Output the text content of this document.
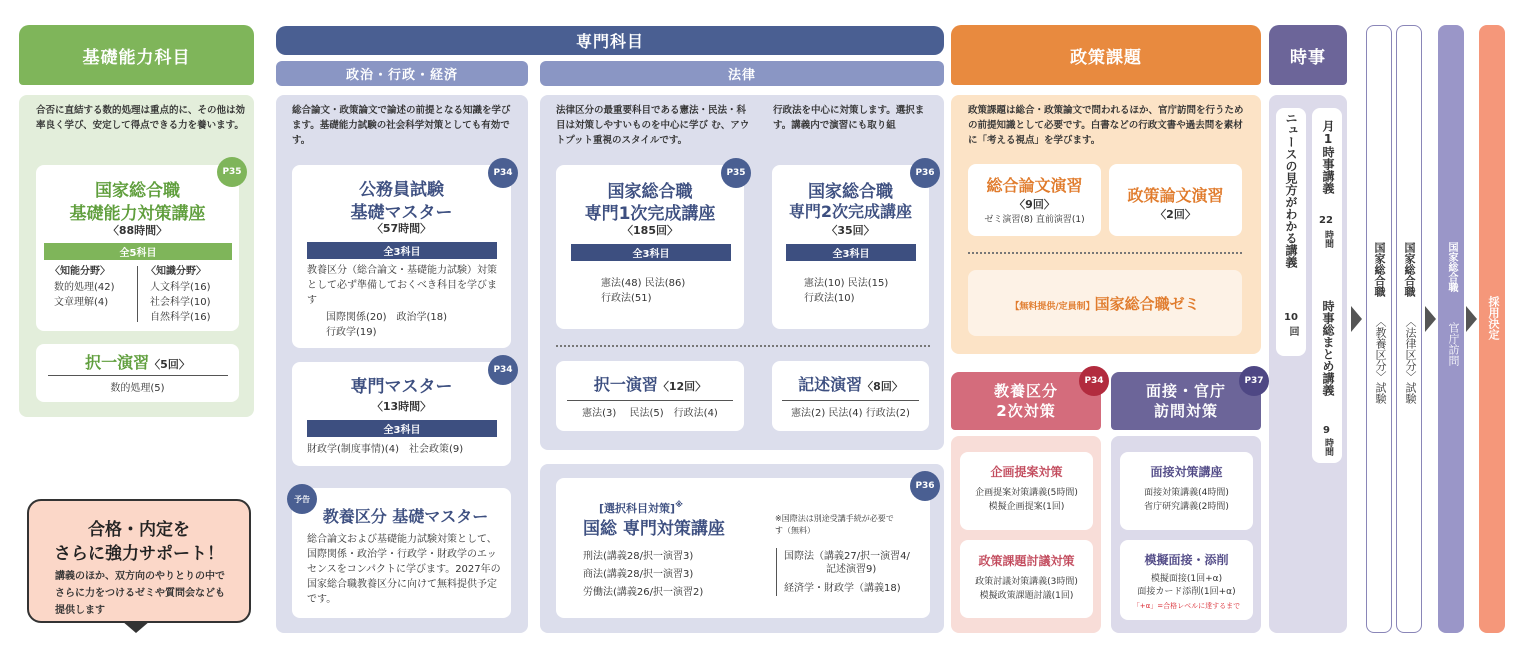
基礎能力科目
専門科目
政治・行政・経済	法律
政策課題	時事
合否に直結する数的処理は重点的に、その他は効率良く学び、安定して得点できる力を養います。
P35
国家総合職
基礎能力対策講座
〈88時間〉
全5科目
〈知能分野〉
数的処理(42)
文章理解(4)
〈知識分野〉
人文科学(16)
社会科学(10)
自然科学(16)
択一演習〈5回〉
数的処理(5)
総合論文・政策論文で論述の前提となる知識を学びます。基礎能力試験の社会科学対策としても有効です。
P34
公務員試験
基礎マスター
〈57時間〉
全3科目
教養区分（総合論文・基礎能力試験）対策として必ず準備しておくべき科目を学びます
国際関係(20)　政治学(18)
行政学(19)
P34
専門マスター
〈13時間〉
全3科目
財政学(制度事情)(4)　社会政策(9)
予告
教養区分 基礎マスター
総合論文および基礎能力試験対策として、国際関係・政治学・行政学・財政学のエッセンスをコンパクトに学びます。2027年の国家総合職教養区分に向けて無料提供予定です。
法律区分の最重要科目である憲法・民法・科目は対策しやすいものを中心に学び む、アウトプット重視のスタイルです。
行政法を中心に対策します。選択ます。講義内で演習にも取り組
P35
国家総合職
専門1次完成講座
〈185回〉
全3科目
憲法(48) 民法(86)
行政法(51)
P36
国家総合職
専門2次完成講座
〈35回〉
全3科目
憲法(10) 民法(15)
行政法(10)
択一演習〈12回〉
憲法(3)　 民法(5)　行政法(4)
記述演習〈8回〉
憲法(2) 民法(4) 行政法(2)
P36
[選択科目対策]※
国総 専門対策講座
※国際法は別途受講手続が必要です（無料）
刑法(講義28/択一演習3)
商法(講義28/択一演習3)
労働法(講義26/択一演習2)
国際法（講義27/択一演習4/
記述演習9)
経済学・財政学（講義18)
政策課題は総合・政策論文で問われるほか、官庁訪問を行うための前提知識として必要です。白書などの行政文書や過去問を素材に「考える視点」を学びます。
総合論文演習
〈9回〉
ゼミ演習(8) 直前演習(1)
政策論文演習
〈2回〉
【無料提供/定員制】国家総合職ゼミ
教養区分
2次対策
P34
企画提案対策
企画提案対策講義(5時間)
模擬企画提案(1回)
政策課題討議対策
政策討議対策講義(3時間)
模擬政策課題討議(1回)
面接・官庁
訪問対策
P37
面接対策講座
面接対策講義(4時間)
省庁研究講義(2時間)
模擬面接・添削
模擬面接(1回+α)
面接カード添削(1回+α)
「+α」=合格レベルに達するまで
ニュースの見方がわかる講義
10
回
月1時事講義
22
時間
時事総まとめ講義
9
時間
国家総合職
〈教養区分〉試験
国家総合職
〈法律区分〉試験
国家総合職
官庁訪問
採用決定
合格・内定を
さらに強力サポート！
講義のほか、双方向のやりとりの中でさらに力をつけるゼミや質問会なども提供します
